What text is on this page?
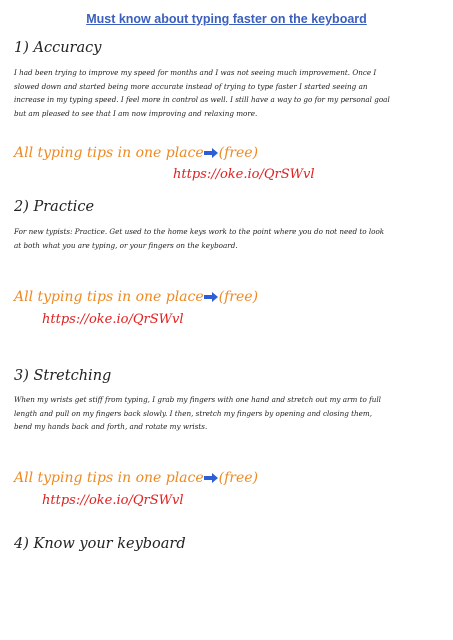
Must know about typing faster on the keyboard
1) Accuracy
I had been trying to improve my speed for months and I was not seeing much improvement. Once I slowed down and started being more accurate instead of trying to type faster I started seeing an increase in my typing speed. I feel more in control as well. I still have a way to go for my personal goal but am pleased to see that I am now improving and relaxing more.
All typing tips in one place (free)
https://oke.io/QrSWvl
2) Practice
For new typists: Practice. Get used to the home keys work to the point where you do not need to look at both what you are typing, or your fingers on the keyboard.
All typing tips in one place (free)
https://oke.io/QrSWvl
3) Stretching
When my wrists get stiff from typing, I grab my fingers with one hand and stretch out my arm to full length and pull on my fingers back slowly. I then, stretch my fingers by opening and closing them, bend my hands back and forth, and rotate my wrists.
All typing tips in one place (free)
https://oke.io/QrSWvl
4) Know your keyboard
